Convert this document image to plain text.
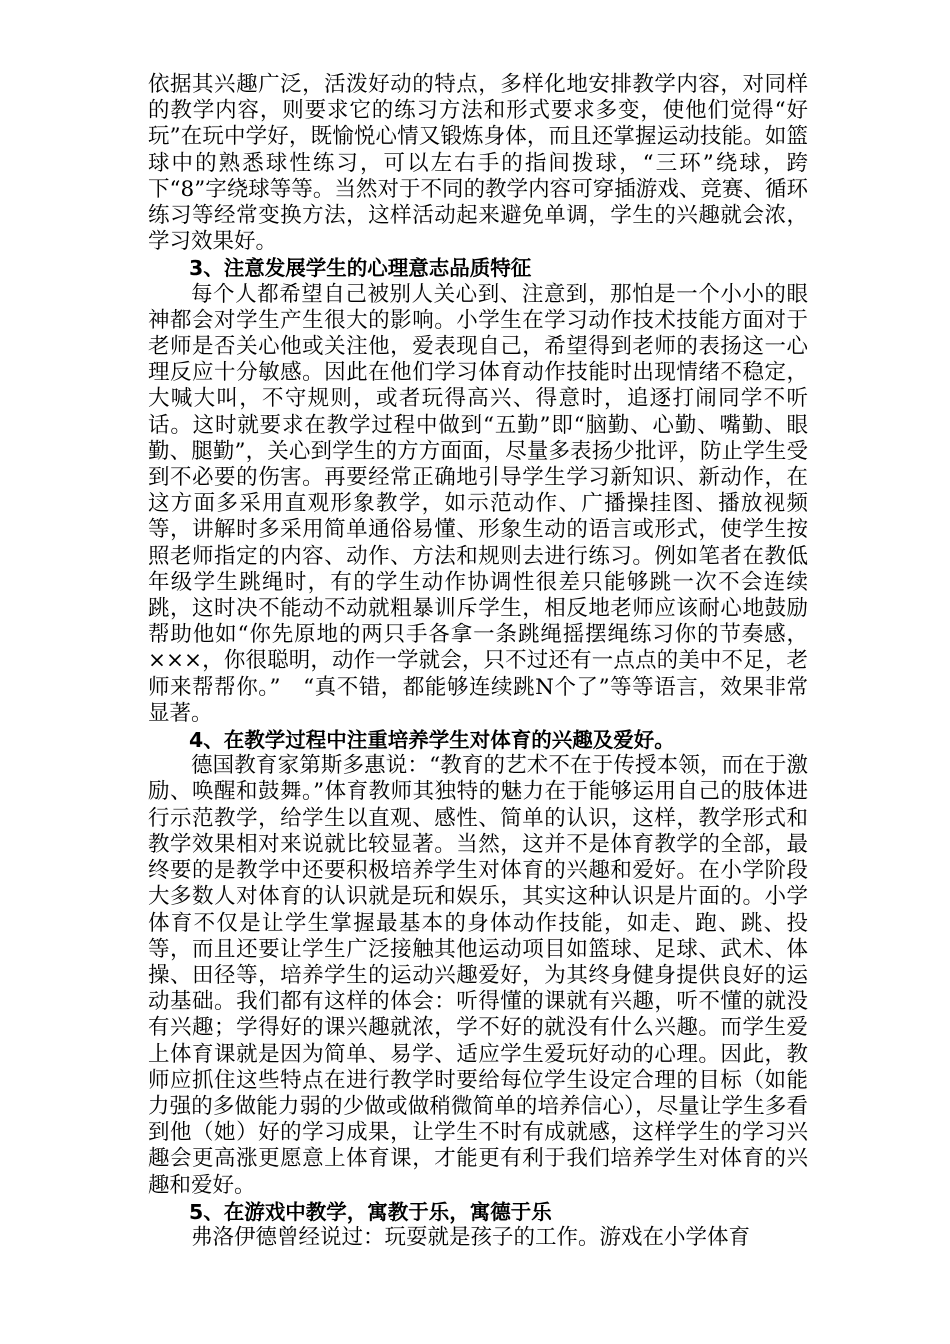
依据其兴趣广泛，活泼好动的特点，多样化地安排教学内容，对同样的教学内容，则要求它的练习方法和形式要求多变，使他们觉得“好玩”在玩中学好，既愉悦心情又锻炼身体，而且还掌握运动技能。如篮球中的熟悉球性练习，可以左右手的指间拨球，“三环”绕球，跨下“8”字绕球等等。当然对于不同的教学内容可穿插游戏、竞赛、循环练习等经常变换方法，这样活动起来避免单调，学生的兴趣就会浓，学习效果好。

3、注意发展学生的心理意志品质特征

每个人都希望自己被别人关心到、注意到，那怕是一个小小的眼神都会对学生产生很大的影响。小学生在学习动作技术技能方面对于老师是否关心他或关注他，爱表现自己，希望得到老师的表扬这一心理反应十分敏感。因此在他们学习体育动作技能时出现情绪不稳定，大喊大叫，不守规则，或者玩得高兴、得意时，追逐打闹同学不听话。这时就要求在教学过程中做到“五勤”即“脑勤、心勤、嘴勤、眼勤、腿勤”，关心到学生的方方面面，尽量多表扬少批评，防止学生受到不必要的伤害。再要经常正确地引导学生学习新知识、新动作，在这方面多采用直观形象教学，如示范动作、广播操挂图、播放视频等，讲解时多采用简单通俗易懂、形象生动的语言或形式，使学生按照老师指定的内容、动作、方法和规则去进行练习。例如笔者在教低年级学生跳绳时，有的学生动作协调性很差只能够跳一次不会连续跳，这时决不能动不动就粗暴训斥学生，相反地老师应该耐心地鼓励帮助他如“你先原地的两只手各拿一条跳绳摇摆绳练习你的节奏感，×××，你很聪明，动作一学就会，只不过还有一点点的美中不足，老师来帮帮你。”　“真不错，都能够连续跳N个了”等等语言，效果非常显著。

4、在教学过程中注重培养学生对体育的兴趣及爱好。

德国教育家第斯多惠说：“教育的艺术不在于传授本领，而在于激励、唤醒和鼓舞。”体育教师其独特的魅力在于能够运用自己的肢体进行示范教学，给学生以直观、感性、简单的认识，这样，教学形式和教学效果相对来说就比较显著。当然，这并不是体育教学的全部，最终要的是教学中还要积极培养学生对体育的兴趣和爱好。在小学阶段大多数人对体育的认识就是玩和娱乐，其实这种认识是片面的。小学体育不仅是让学生掌握最基本的身体动作技能，如走、跑、跳、投等，而且还要让学生广泛接触其他运动项目如篮球、足球、武术、体操、田径等，培养学生的运动兴趣爱好，为其终身健身提供良好的运动基础。我们都有这样的体会：听得懂的课就有兴趣，听不懂的就没有兴趣；学得好的课兴趣就浓，学不好的就没有什么兴趣。而学生爱上体育课就是因为简单、易学、适应学生爱玩好动的心理。因此，教师应抓住这些特点在进行教学时要给每位学生设定合理的目标（如能力强的多做能力弱的少做或做稍微简单的培养信心），尽量让学生多看到他（她）好的学习成果，让学生不时有成就感，这样学生的学习兴趣会更高涨更愿意上体育课，才能更有利于我们培养学生对体育的兴趣和爱好。

5、在游戏中教学，寓教于乐，寓德于乐

弗洛伊德曾经说过：玩耍就是孩子的工作。游戏在小学体育
